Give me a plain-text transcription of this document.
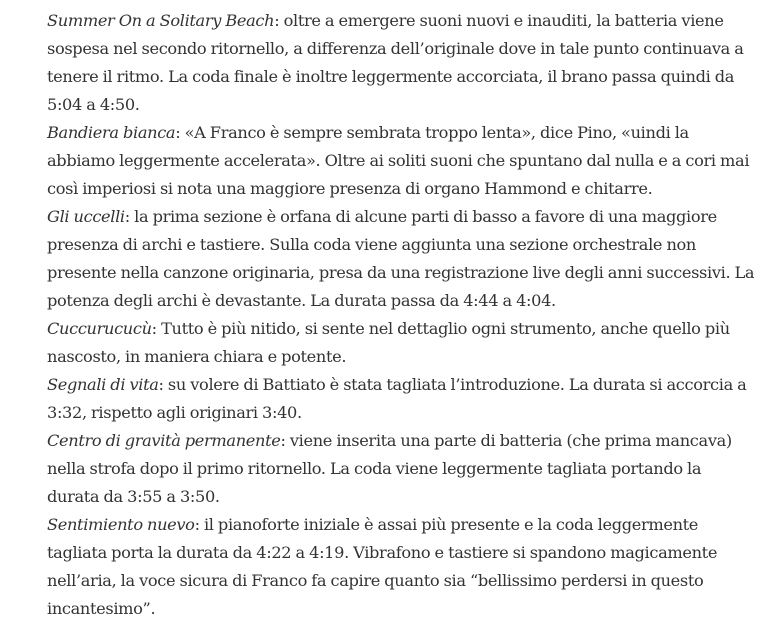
Summer On a Solitary Beach: oltre a emergere suoni nuovi e inauditi, la batteria viene sospesa nel secondo ritornello, a differenza dell’originale dove in tale punto continuava a tenere il ritmo. La coda finale è inoltre leggermente accorciata, il brano passa quindi da 5:04 a 4:50.

Bandiera bianca: «A Franco è sempre sembrata troppo lenta», dice Pino, «uindi la abbiamo leggermente accelerata». Oltre ai soliti suoni che spuntano dal nulla e a cori mai così imperiosi si nota una maggiore presenza di organo Hammond e chitarre.

Gli uccelli: la prima sezione è orfana di alcune parti di basso a favore di una maggiore presenza di archi e tastiere. Sulla coda viene aggiunta una sezione orchestrale non presente nella canzone originaria, presa da una registrazione live degli anni successivi. La potenza degli archi è devastante. La durata passa da 4:44 a 4:04.

Cuccurucucù: Tutto è più nitido, si sente nel dettaglio ogni strumento, anche quello più nascosto, in maniera chiara e potente.

Segnali di vita: su volere di Battiato è stata tagliata l’introduzione. La durata si accorcia a 3:32, rispetto agli originari 3:40.

Centro di gravità permanente: viene inserita una parte di batteria (che prima mancava) nella strofa dopo il primo ritornello. La coda viene leggermente tagliata portando la durata da 3:55 a 3:50.

Sentimiento nuevo: il pianoforte iniziale è assai più presente e la coda leggermente tagliata porta la durata da 4:22 a 4:19. Vibrafono e tastiere si spandono magicamente nell’aria, la voce sicura di Franco fa capire quanto sia “bellissimo perdersi in questo incantesimo”.
